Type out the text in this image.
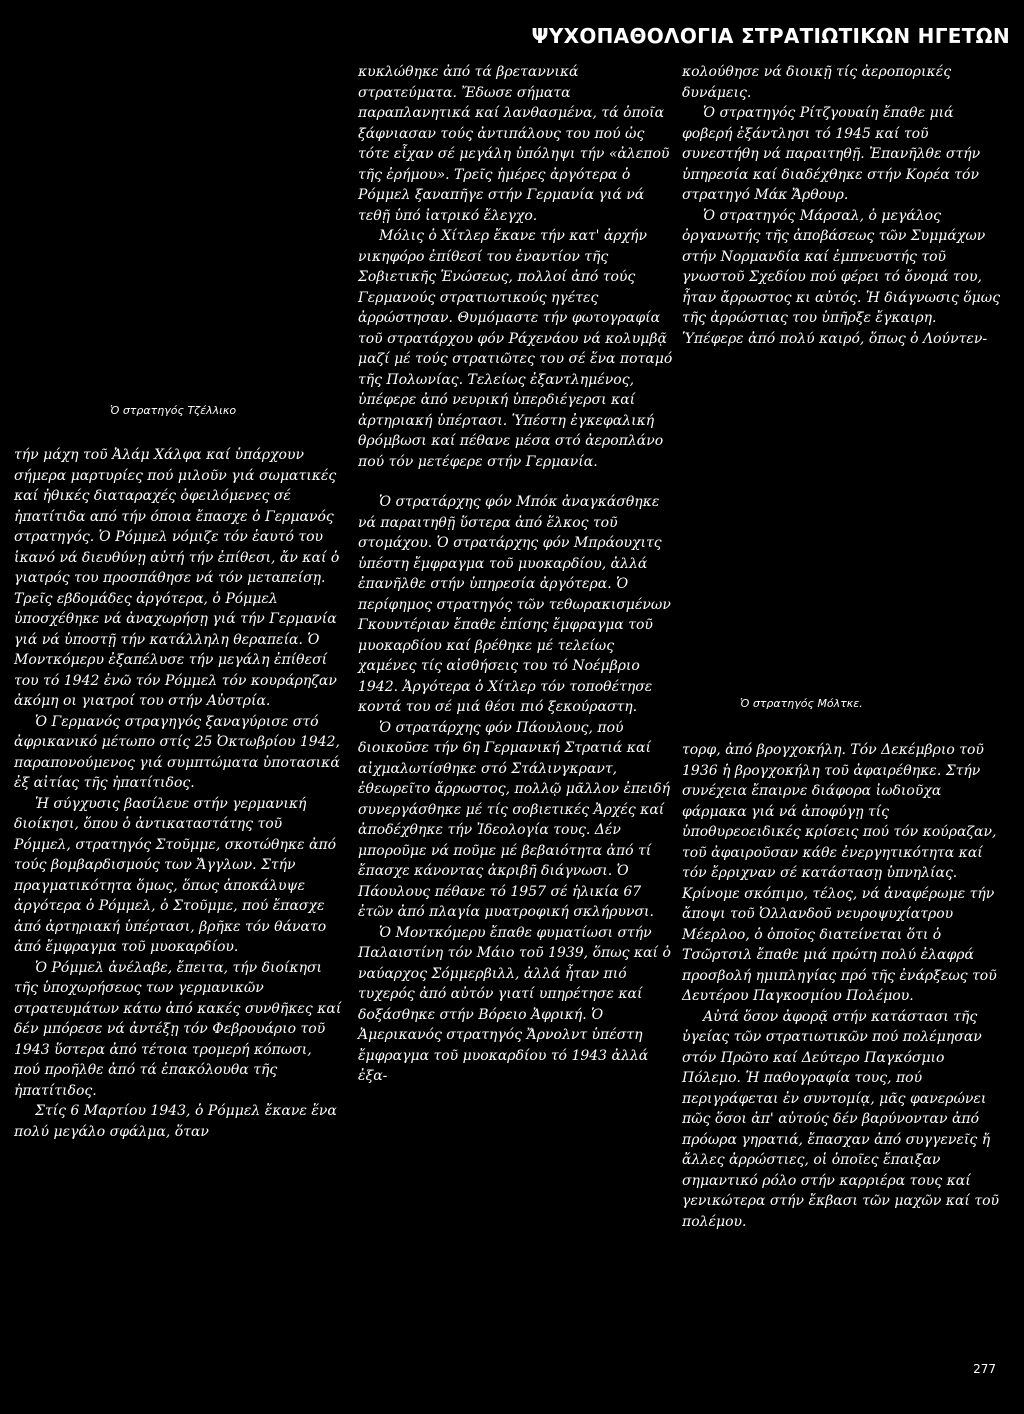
ΨΥΧΟΠΑΘΟΛΟΓΙΑ ΣΤΡΑΤΙΩΤΙΚΩΝ ΗΓΕΤΩΝ
Ὁ στρατηγός Τζέλλικο

τήν μάχη τοῦ Ἀλάμ Χάλφα καί ὑπάρχουν σήμερα μαρτυρίες πού μιλοῦν γιά σωματικές καί ἠθικές διαταραχές ὀφειλόμενες σέ ἠπατίτιδα από τήν όποια ἔπασχε ὁ Γερμανός στρατηγός. Ὁ Ρόμμελ νόμιζε τόν ἑαυτό του ἱκανό νά διευθύνῃ αὐτή τήν ἐπίθεσι, ἄν καί ὁ γιατρός του προσπάθησε νά τόν μεταπείσῃ. Τρεῖς εβδομάδες ἀργότερα, ὁ Ρόμμελ ὑποσχέθηκε νά ἀναχωρήσῃ γιά τήν Γερμανία γιά νά ὑποστῇ τήν κατάλληλη θεραπεία. Ὁ Μοντκόμερυ ἐξαπέλυσε τήν μεγάλη ἐπίθεσί του τό 1942 ἐνῶ τόν Ρόμμελ τόν κουράρηζαν ἀκόμη οι γιατροί του στήν Αὐστρία.

Ὁ Γερμανός στραγηγός ξαναγύρισε στό ἀφρικανικό μέτωπο στίς 25 Ὀκτωβρίου 1942, παραπονούμενος γιά συμπτώματα ὑποτασικά ἐξ αἰτίας τῆς ἠπατίτιδος.

Ἡ σύγχυσις βασίλευε στήν γερμανική διοίκησι, ὅπου ὁ ἀντικαταστάτης τοῦ Ρόμμελ, στρατηγός Στοῦμμε, σκοτώθηκε ἀπό τούς βομβαρδισμούς των Ἄγγλων. Στήν πραγματικότητα ὅμως, ὅπως ἀποκάλυψε ἀργότερα ὁ Ρόμμελ, ὁ Στοῦμμε, πού ἔπασχε ἀπό ἀρτηριακή ὑπέρτασι, βρῆκε τόν θάνατο ἀπό ἔμφραγμα τοῦ μυοκαρδίου.

Ὁ Ρόμμελ ἀνέλαβε, ἔπειτα, τήν διοίκησι τῆς ὑποχωρήσεως των γερμανικῶν στρατευμάτων κάτω ἀπό κακές συνθῆκες καί δέν μπόρεσε νά ἀντέξῃ τόν Φεβρουάριο τοῦ 1943 ὕστερα ἀπό τέτοια τρομερή κόπωσι, πού προῆλθε ἀπό τά ἐπακόλουθα τῆς ἠπατίτιδος.

Στίς 6 Μαρτίου 1943, ὁ Ρόμμελ ἔκανε ἕνα πολύ μεγάλο σφάλμα, ὅταν

κυκλώθηκε ἀπό τά βρεταννικά στρατεύματα. Ἔδωσε σήματα παραπλανητικά καί λανθασμένα, τά ὁποῖα ξάφνιασαν τούς ἀντιπάλους του πού ὡς τότε εἶχαν σέ μεγάλη ὑπόληψι τήν «ἀλεποῦ τῆς ἐρήμου». Τρεῖς ἡμέρες ἀργότερα ὁ Ρόμμελ ξαναπῆγε στήν Γερμανία γιά νά τεθῇ ὑπό ἰατρικό ἔλεγχο.

Μόλις ὁ Χίτλερ ἔκανε τήν κατ' ἀρχήν νικηφόρο ἐπίθεσί του ἐναντίον τῆς Σοβιετικῆς Ἑνώσεως, πολλοί ἀπό τούς Γερμανούς στρατιωτικούς ηγέτες ἀρρώστησαν. Θυμόμαστε τήν φωτογραφία τοῦ στρατάρχου φόν Ράχενάου νά κολυμβᾷ μαζί μέ τούς στρατιῶτες του σέ ἕνα ποταμό τῆς Πολωνίας. Τελείως ἐξαντλημένος, ὑπέφερε ἀπό νευρική ὑπερδιέγερσι καί ἀρτηριακή ὑπέρτασι. Ὑπέστη ἐγκεφαλική θρόμβωσι καί πέθανε μέσα στό ἀεροπλάνο πού τόν μετέφερε στήν Γερμανία.

Ὁ στρατάρχης φόν Μπόκ ἀναγκάσθηκε νά παραιτηθῇ ὕστερα ἀπό ἕλκος τοῦ στομάχου. Ὁ στρατάρχης φόν Μπράουχιτς ὑπέστη ἔμφραγμα τοῦ μυοκαρδίου, ἀλλά ἐπανῆλθε στήν ὑπηρεσία ἀργότερα. Ὁ περίφημος στρατηγός τῶν τεθωρακισμένων Γκουντέριαν ἔπαθε ἐπίσης ἔμφραγμα τοῦ μυοκαρδίου καί βρέθηκε μέ τελείως χαμένες τίς αἰσθήσεις του τό Νοέμβριο 1942. Ἀργότερα ὁ Χίτλερ τόν τοποθέτησε κοντά του σέ μιά θέσι πιό ξεκούραστη.

Ὁ στρατάρχης φόν Πάουλους, πού διοικοῦσε τήν 6η Γερμανική Στρατιά καί αἰχμαλωτίσθηκε στό Στάλινγκραντ, ἐθεωρεῖτο ἄρρωστος, πολλῷ μᾶλλον ἐπειδή συνεργάσθηκε μέ τίς σοβιετικές Ἀρχές καί ἀποδέχθηκε τήν Ἰδεολογία τους. Δέν μποροῦμε νά ποῦμε μέ βεβαιότητα ἀπό τί ἔπασχε κάνοντας ἀκριβῆ διάγνωσι. Ὁ Πάουλους πέθανε τό 1957 σέ ἡλικία 67 ἐτῶν ἀπό πλαγία μυατροφική σκλήρυνσι.

Ὁ Μοντκόμερυ ἔπαθε φυματίωσι στήν Παλαιστίνη τόν Μάιο τοῦ 1939, ὅπως καί ὁ ναύαρχος Σόμμερβιλλ, ἀλλά ἦταν πιό τυχερός ἀπό αὐτόν γιατί υπηρέτησε καί δοξάσθηκε στήν Βόρειο Ἀφρική. Ὁ Ἀμερικανός στρατηγός Ἄρνολντ ὑπέστη ἔμφραγμα τοῦ μυοκαρδίου τό 1943 ἀλλά ἐξα-

κολούθησε νά διοικῇ τίς ἀεροπορικές δυνάμεις.

Ὁ στρατηγός Ρίτζγουαίη ἔπαθε μιά φοβερή ἐξάντλησι τό 1945 καί τοῦ συνεστήθη νά παραιτηθῇ. Ἐπανῆλθε στήν ὑπηρεσία καί διαδέχθηκε στήν Κορέα τόν στρατηγό Μάκ Ἄρθουρ.

Ὁ στρατηγός Μάρσαλ, ὁ μεγάλος ὀργανωτής τῆς ἀποβάσεως τῶν Συμμάχων στήν Νορμανδία καί ἐμπνευστής τοῦ γνωστοῦ Σχεδίου πού φέρει τό ὄνομά του, ἦταν ἄρρωστος κι αὐτός. Ἡ διάγνωσις ὅμως τῆς ἀρρώστιας του ὑπῆρξε ἔγκαιρη. Ὑπέφερε ἀπό πολύ καιρό, ὅπως ὁ Λούντεν-

Ὁ στρατηγός Μόλτκε.

τορφ, ἀπό βρογχοκήλη. Τόν Δεκέμβριο τοῦ 1936 ἡ βρογχοκήλη τοῦ ἀφαιρέθηκε. Στήν συνέχεια ἔπαιρνε διάφορα ἰωδιοῦχα φάρμακα γιά νά ἀποφύγῃ τίς ὑποθυρεοειδικές κρίσεις πού τόν κούραζαν, τοῦ ἀφαιροῦσαν κάθε ἐνεργητικότητα καί τόν ἔρριχναν σέ κατάστασῃ ὑπνηλίας. Κρίνομε σκόπιμο, τέλος, νά ἀναφέρωμε τήν ἄποψι τοῦ Ὀλλανδοῦ νευροψυχίατρου Μέερλοο, ὁ ὁποῖος διατείνεται ὅτι ὁ Τσῶρτσιλ ἔπαθε μιά πρώτη πολύ ἐλαφρά προσβολή ημιπληγίας πρό τῆς ἐνάρξεως τοῦ Δευτέρου Παγκοσμίου Πολέμου.

Αὐτά ὅσον ἀφορᾷ στήν κατάστασι τῆς ὑγείας τῶν στρατιωτικῶν πού πολέμησαν στόν Πρῶτο καί Δεύτερο Παγκόσμιο Πόλεμο. Ἡ παθογραφία τους, πού περιγράφεται ἐν συντομίᾳ, μᾶς φανερώνει πῶς ὅσοι ἀπ' αὐτούς δέν βαρύνονταν ἀπό πρόωρα γηρατιά, ἔπασχαν ἀπό συγγενεῖς ἤ ἄλλες ἀρρώστιες, οἱ ὁποῖες ἔπαιξαν σημαντικό ρόλο στήν καρριέρα τους καί γενικώτερα στήν ἔκβασι τῶν μαχῶν καί τοῦ πολέμου.

277
